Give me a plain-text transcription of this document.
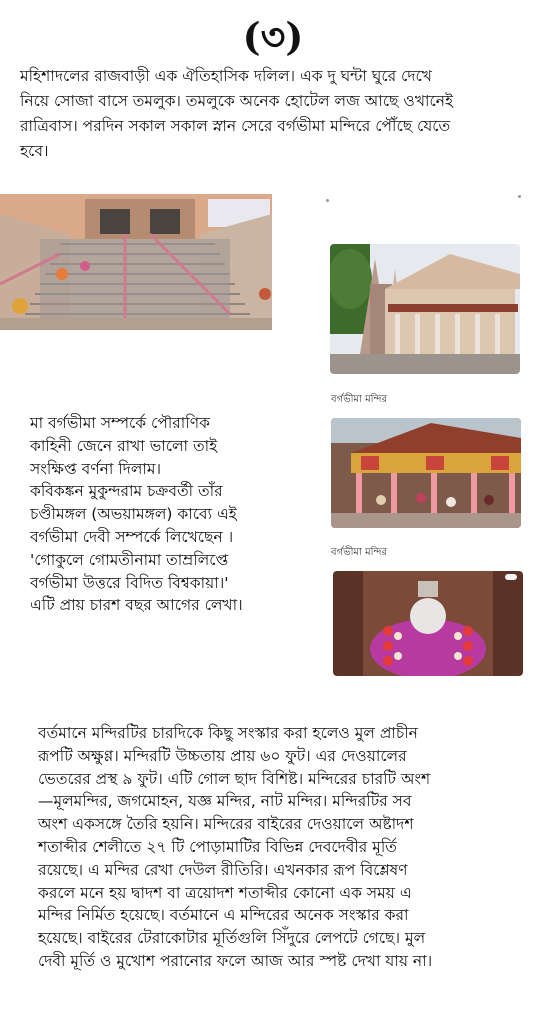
(৩)
মহিশাদলের রাজবাড়ী এক ঐতিহাসিক দলিল। এক দু ঘন্টা ঘুরে দেখে
নিয়ে সোজা বাসে তমলুক। তমলুকে অনেক হোটেল লজ আছে ওখানেই
রাত্রিবাস। পরদিন সকাল সকাল স্নান সেরে বর্গভীমা মন্দিরে পৌঁছে যেতে
হবে।
বর্গভীমা মন্দির
মা বর্গভীমা সম্পর্কে পৌরাণিক
কাহিনী জেনে রাখা ভালো তাই
সংক্ষিপ্ত বর্ণনা দিলাম।
কবিকঙ্কন মুকুন্দরাম চক্রবর্তী তাঁর
চণ্ডীমঙ্গল (অভয়ামঙ্গল) কাব্যে এই
বর্গভীমা দেবী সম্পর্কে লিখেছেন ।
'গোকুলে গোমতীনামা তাম্রলিপ্তে
বর্গভীমা উত্তরে বিদিত বিশ্বকায়া।'
এটি প্রায় চারশ বছর আগের লেখা।
বর্গভীমা মন্দির
বর্তমানে মন্দিরটির চারদিকে কিছু সংস্কার করা হলেও মুল প্রাচীন
রূপটি অক্ষুণ্ণ। মন্দিরটি উচ্চতায় প্রায় ৬০ ফুট। এর দেওয়ালের
ভেতরের প্রস্থ ৯ ফুট। এটি গোল ছাদ বিশিষ্ট। মন্দিরের চারটি অংশ
—মূলমন্দির, জগমোহন, যজ্ঞ মন্দির, নাট মন্দির। মন্দিরটির সব
অংশ একসঙ্গে তৈরি হয়নি। মন্দিরের বাইরের দেওয়ালে অষ্টাদশ
শতাব্দীর শেলীতে ২৭ টি পোড়ামাটির বিভিন্ন দেবদেবীর মূর্তি
রয়েছে। এ মন্দির রেখা দেউল রীতিরি। এখনকার রূপ বিশ্লেষণ
করলে মনে হয় দ্বাদশ বা ত্রয়োদশ শতাব্দীর কোনো এক সময় এ
মন্দির নির্মিত হয়েছে। বর্তমানে এ মন্দিরের অনেক সংস্কার করা
হয়েছে। বাইরের টেরাকোটার মূর্তিগুলি সিঁদুরে লেপটে গেছে। মুল
দেবী মূর্তি ও মুখোশ পরানোর ফলে আজ আর স্পষ্ট দেখা যায় না।
